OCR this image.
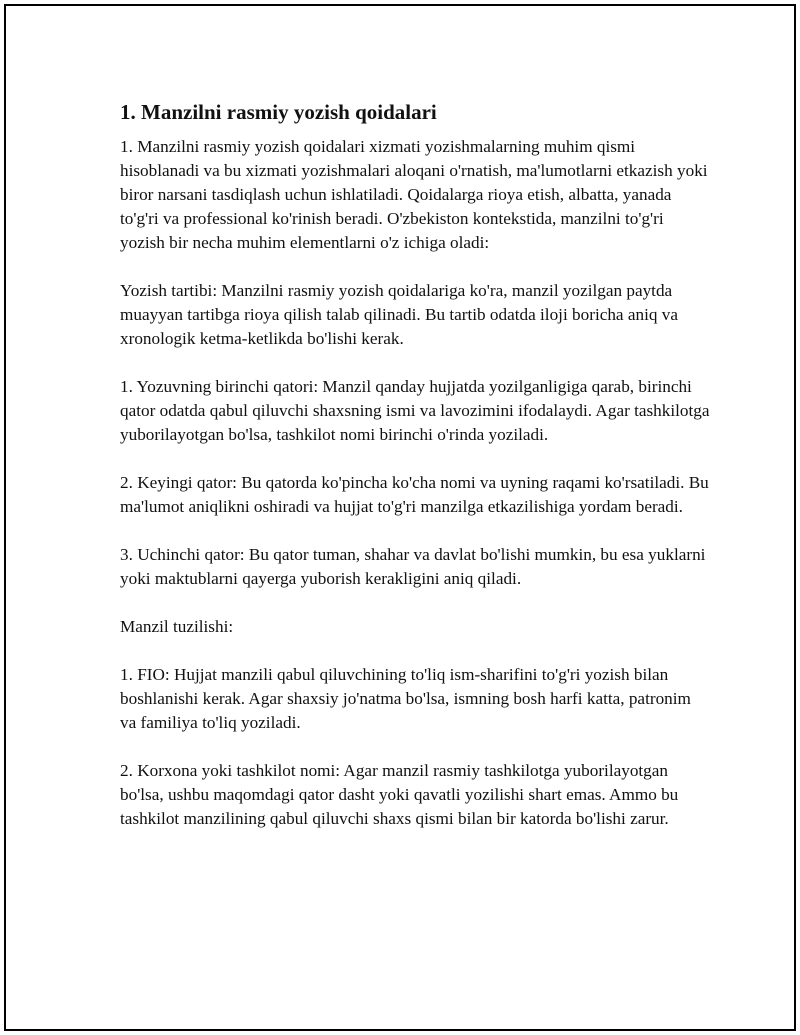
1. Manzilni rasmiy yozish qoidalari

1. Manzilni rasmiy yozish qoidalari xizmati yozishmalarning muhim qismi hisoblanadi va bu xizmati yozishmalari aloqani o'rnatish, ma'lumotlarni etkazish yoki biror narsani tasdiqlash uchun ishlatiladi. Qoidalarga rioya etish, albatta, yanada to'g'ri va professional ko'rinish beradi. O'zbekiston kontekstida, manzilni to'g'ri yozish bir necha muhim elementlarni o'z ichiga oladi:

Yozish tartibi: Manzilni rasmiy yozish qoidalariga ko'ra, manzil yozilgan paytda muayyan tartibga rioya qilish talab qilinadi. Bu tartib odatda iloji boricha aniq va xronologik ketma-ketlikda bo'lishi kerak.

1. Yozuvning birinchi qatori: Manzil qanday hujjatda yozilganligiga qarab, birinchi qator odatda qabul qiluvchi shaxsning ismi va lavozimini ifodalaydi. Agar tashkilotga yuborilayotgan bo'lsa, tashkilot nomi birinchi o'rinda yoziladi.

2. Keyingi qator: Bu qatorda ko'pincha ko'cha nomi va uyning raqami ko'rsatiladi. Bu ma'lumot aniqlikni oshiradi va hujjat to'g'ri manzilga etkazilishiga yordam beradi.

3. Uchinchi qator: Bu qator tuman, shahar va davlat bo'lishi mumkin, bu esa yuklarni yoki maktublarni qayerga yuborish kerakligini aniq qiladi.

Manzil tuzilishi:

1. FIO: Hujjat manzili qabul qiluvchining to'liq ism-sharifini to'g'ri yozish bilan boshlanishi kerak. Agar shaxsiy jo'natma bo'lsa, ismning bosh harfi katta, patronim va familiya to'liq yoziladi.

2. Korxona yoki tashkilot nomi: Agar manzil rasmiy tashkilotga yuborilayotgan bo'lsa, ushbu maqomdagi qator dasht yoki qavatli yozilishi shart emas. Ammo bu tashkilot manzilining qabul qiluvchi shaxs qismi bilan bir katorda bo'lishi zarur.
